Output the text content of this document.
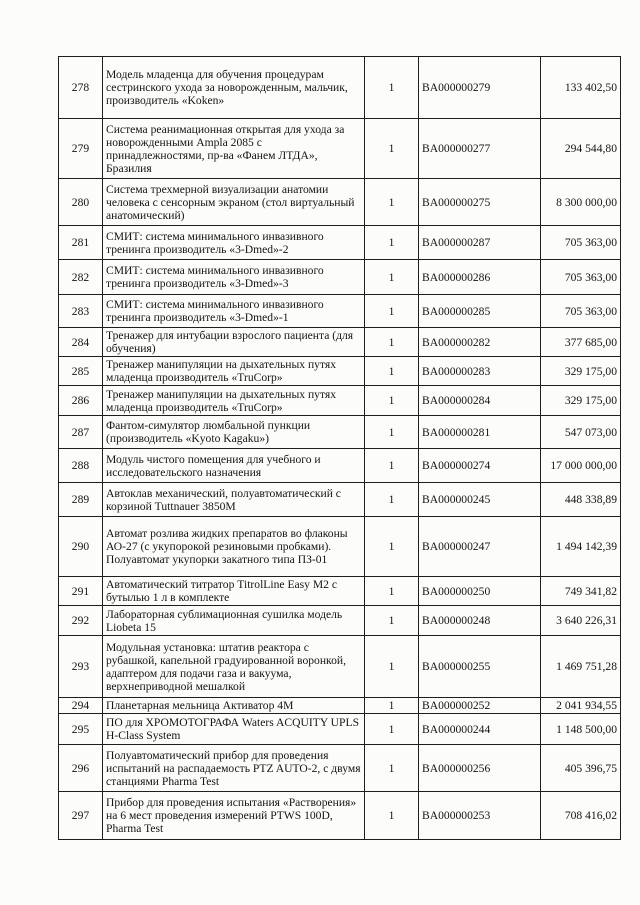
278	Модель младенца для обучения процедурам сестринского ухода за новорожденным, мальчик, производитель «Koken»	1	BA000000279	133 402,50
279	Система реанимационная открытая для ухода за новорожденными Ampla 2085 с принадлежностями, пр-ва «Фанем ЛТДА», Бразилия	1	BA000000277	294 544,80
280	Система трехмерной визуализации анатомии человека с сенсорным экраном (стол виртуальный анатомический)	1	BA000000275	8 300 000,00
281	СМИТ: система минимального инвазивного тренинга производитель «3-Dmed»-2	1	BA000000287	705 363,00
282	СМИТ: система минимального инвазивного тренинга производитель «3-Dmed»-3	1	BA000000286	705 363,00
283	СМИТ: система минимального инвазивного тренинга производитель «3-Dmed»-1	1	BA000000285	705 363,00
284	Тренажер для интубации взрослого пациента (для обучения)	1	BA000000282	377 685,00
285	Тренажер манипуляции на дыхательных путях младенца производитель «TruCorp»	1	BA000000283	329 175,00
286	Тренажер манипуляции на дыхательных путях младенца производитель «TruCorp»	1	BA000000284	329 175,00
287	Фантом-симулятор люмбальной пункции (производитель «Kyoto Kagaku»)	1	BA000000281	547 073,00
288	Модуль чистого помещения для учебного и исследовательского назначения	1	BA000000274	17 000 000,00
289	Автоклав механический, полуавтоматический с корзиной Tuttnauer 3850M	1	BA000000245	448 338,89
290	Автомат розлива жидких препаратов во флаконы АО-27 (с укупорокой резиновыми пробками). Полуавтомат укупорки закатного типа ПЗ-01	1	BA000000247	1 494 142,39
291	Автоматический титратор TitrolLine Easy M2 с бутылью 1 л в комплекте	1	BA000000250	749 341,82
292	Лабораторная сублимационная сушилка модель Liobeta 15	1	BA000000248	3 640 226,31
293	Модульная установка: штатив реактора с рубашкой, капельной градуированной воронкой, адаптером для подачи газа и вакуума, верхнеприводной мешалкой	1	BA000000255	1 469 751,28
294	Планетарная мельница Активатор 4М	1	BA000000252	2 041 934,55
295	ПО для ХРОМОТОГРАФА Waters ACQUITY UPLS H-Class System	1	BA000000244	1 148 500,00
296	Полуавтоматический прибор для проведения испытаний на распадаемость PTZ AUTO-2, с двумя станциями Pharma Test	1	BA000000256	405 396,75
297	Прибор для проведения испытания «Растворения» на 6 мест проведения измерений PTWS 100D, Pharma Test	1	BA000000253	708 416,02
